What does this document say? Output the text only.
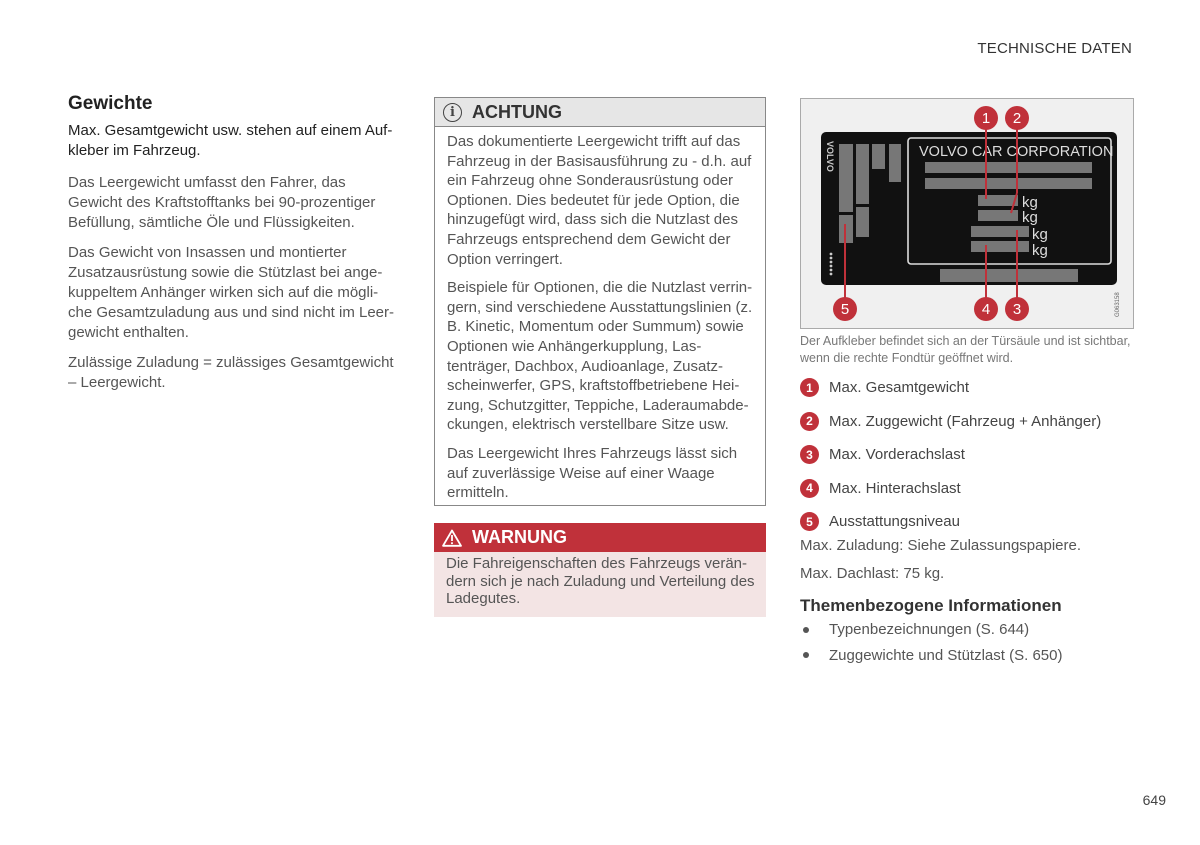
TECHNISCHE DATEN
Gewichte
Max. Gesamtgewicht usw. stehen auf einem Auf-kleber im Fahrzeug.
Das Leergewicht umfasst den Fahrer, das Gewicht des Kraftstofftanks bei 90-prozentiger Befüllung, sämtliche Öle und Flüssigkeiten.
Das Gewicht von Insassen und montierter Zusatzausrüstung sowie die Stützlast bei ange-kuppeltem Anhänger wirken sich auf die mögli-che Gesamtzuladung aus und sind nicht im Leer-gewicht enthalten.
Zulässige Zuladung = zulässiges Gesamtgewicht – Leergewicht.
i ACHTUNG
Das dokumentierte Leergewicht trifft auf das Fahrzeug in der Basisausführung zu - d.h. auf ein Fahrzeug ohne Sonderausrüstung oder Optionen. Dies bedeutet für jede Option, die hinzugefügt wird, dass sich die Nutzlast des Fahrzeugs entsprechend dem Gewicht der Option verringert.
Beispiele für Optionen, die die Nutzlast verrin-gern, sind verschiedene Ausstattungslinien (z. B. Kinetic, Momentum oder Summum) sowie Optionen wie Anhängerkupplung, Las-tenträger, Dachbox, Audioanlage, Zusatz-scheinwerfer, GPS, kraftstoffbetriebene Hei-zung, Schutzgitter, Teppiche, Laderaumabde-ckungen, elektrisch verstellbare Sitze usw.
Das Leergewicht Ihres Fahrzeugs lässt sich auf zuverlässige Weise auf einer Waage ermitteln.
WARNUNG
Die Fahreigenschaften des Fahrzeugs verän-dern sich je nach Zuladung und Verteilung des Ladegutes.
VOLVO	VOLVO CAR CORPORATION
kg
kg
kg
kg
1 2
3
4
5	G063158
Der Aufkleber befindet sich an der Türsäule und ist sichtbar, wenn die rechte Fondtür geöffnet wird.
1	Max. Gesamtgewicht
2	Max. Zuggewicht (Fahrzeug + Anhänger)
3	Max. Vorderachslast
4	Max. Hinterachslast
5	Ausstattungsniveau
Max. Zuladung: Siehe Zulassungspapiere.
Max. Dachlast: 75 kg.
Themenbezogene Informationen
Typenbezeichnungen (S. 644)
Zuggewichte und Stützlast (S. 650)
649
